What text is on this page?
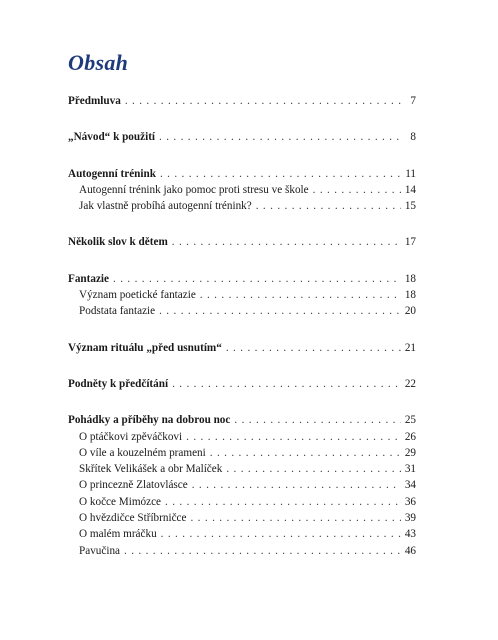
Obsah
Předmluva . . .	7
„Návod“ k použití . . .	8
Autogenní trénink . . .	11
Autogenní trénink jako pomoc proti stresu ve škole . . .	14
Jak vlastně probíhá autogenní trénink? . . .	15
Několik slov k dětem . . .	17
Fantazie . . .	18
Význam poetické fantazie . . .	18
Podstata fantazie . . .	20
Význam rituálu „před usnutím“ . . .	21
Podněty k předčítání . . .	22
Pohádky a příběhy na dobrou noc . . .	25
O ptáčkovi zpěváčkovi . . .	26
O víle a kouzelném prameni . . .	29
Skřítek Velikášek a obr Malíček . . .	31
O princezně Zlatovlásce . . .	34
O kočce Mimózce . . .	36
O hvězdičce Stříbrničce . . .	39
O malém mráčku . . .	43
Pavučina . . .	46
